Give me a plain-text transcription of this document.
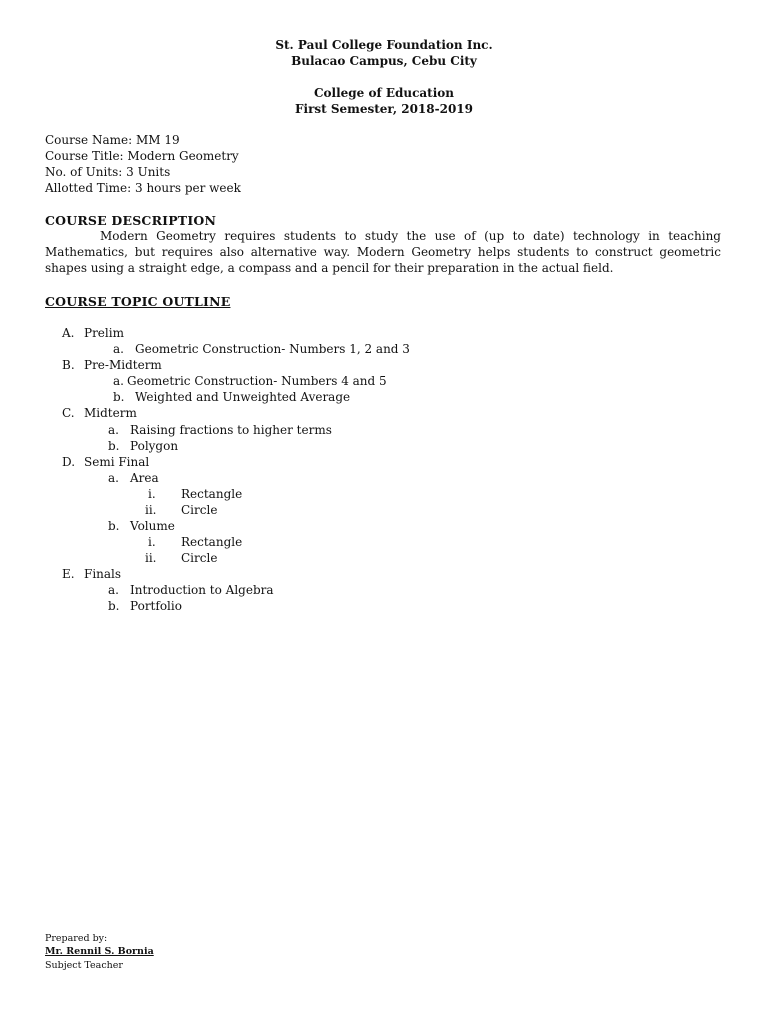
St. Paul College Foundation Inc.
Bulacao Campus, Cebu City
College of Education
First Semester, 2018-2019
Course Name: MM 19
Course Title: Modern Geometry
No. of Units: 3 Units
Allotted Time: 3 hours per week
COURSE DESCRIPTION
Modern Geometry requires students to study the use of (up to date) technology in teaching Mathematics, but requires also alternative way. Modern Geometry helps students to construct geometric shapes using a straight edge, a compass and a pencil for their preparation in the actual field.
COURSE TOPIC OUTLINE
A. Prelim
a. Geometric Construction- Numbers 1, 2 and 3
B. Pre-Midterm
a. Geometric Construction- Numbers 4 and 5
b. Weighted and Unweighted Average
C. Midterm
a. Raising fractions to higher terms
b. Polygon
D. Semi Final
a. Area
i. Rectangle
ii. Circle
b. Volume
i. Rectangle
ii. Circle
E. Finals
a. Introduction to Algebra
b. Portfolio
Prepared by:
Mr. Rennil S. Bornia
Subject Teacher
